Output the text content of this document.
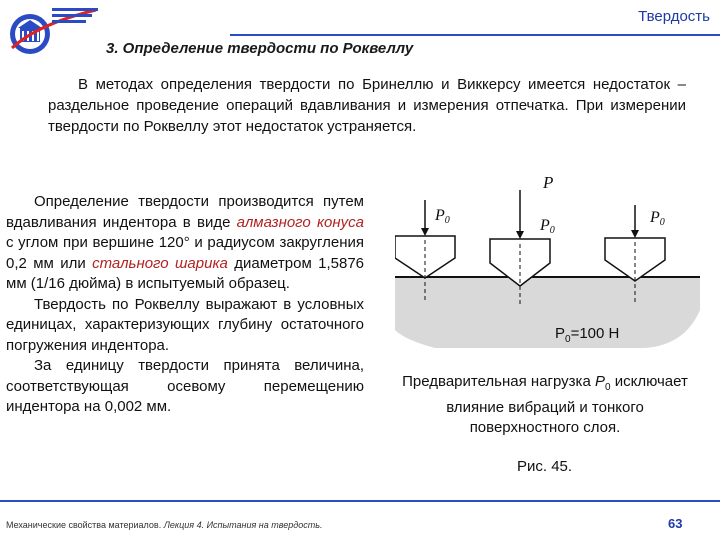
Твердость
3. Определение твердости по Роквеллу
В методах определения твердости по Бринеллю и Виккерсу имеется недостаток – раздельное проведение операций вдавливания и измерения отпечатка. При измерении твердости по Роквеллу этот недостаток устраняется.

Определение твердости производится путем вдавливания индентора в виде алмазного конуса с углом при вершине 120° и радиусом закругления 0,2 мм или стального шарика диаметром 1,5876 мм (1/16 дюйма) в испытуемый образец.

Твердость по Роквеллу выражают в условных единицах, характеризующих глубину остаточного погружения индентора.

За единицу твердости принята величина, соответствующая осевому перемещению индентора на 0,002 мм.

P0
P
P0
P0
$P_0=100$ Н
Предварительная нагрузка $P_0$ исключает влияние вибраций и тонкого поверхностного слоя.
Рис. 45.
Механические свойства материалов. Лекция 4. Испытания на твердость.	63
